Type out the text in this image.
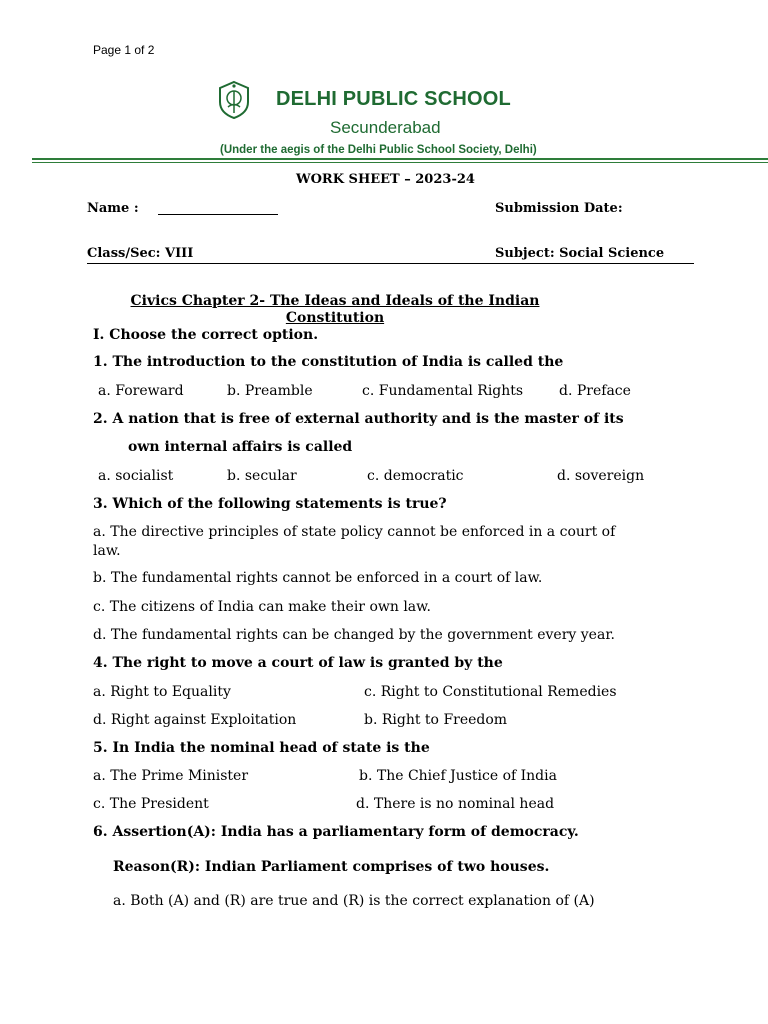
Page 1 of 2
DELHI PUBLIC SCHOOL
Secunderabad
(Under the aegis of the Delhi Public School Society, Delhi)
WORK SHEET – 2023-24
Name :	Submission Date:
Class/Sec: VIII	Subject: Social Science
Civics Chapter 2- The Ideas and Ideals of the Indian Constitution
I. Choose the correct option.
1. The introduction to the constitution of India is called the
a. Foreward	b. Preamble	c. Fundamental Rights	d. Preface
2. A nation that is free of external authority and is the master of its
own internal affairs is called
a. socialist	b. secular	c. democratic	d. sovereign
3. Which of the following statements is true?
a. The directive principles of state policy cannot be enforced in a court of
law.
b. The fundamental rights cannot be enforced in a court of law.
c. The citizens of India can make their own law.
d. The fundamental rights can be changed by the government every year.
4. The right to move a court of law is granted by the
a. Right to Equality	c. Right to Constitutional Remedies
d. Right against Exploitation	b. Right to Freedom
5. In India the nominal head of state is the
a. The Prime Minister	b. The Chief Justice of India
c. The President	d. There is no nominal head
6. Assertion(A): India has a parliamentary form of democracy.
Reason(R): Indian Parliament comprises of two houses.
a. Both (A) and (R) are true and (R) is the correct explanation of (A)
